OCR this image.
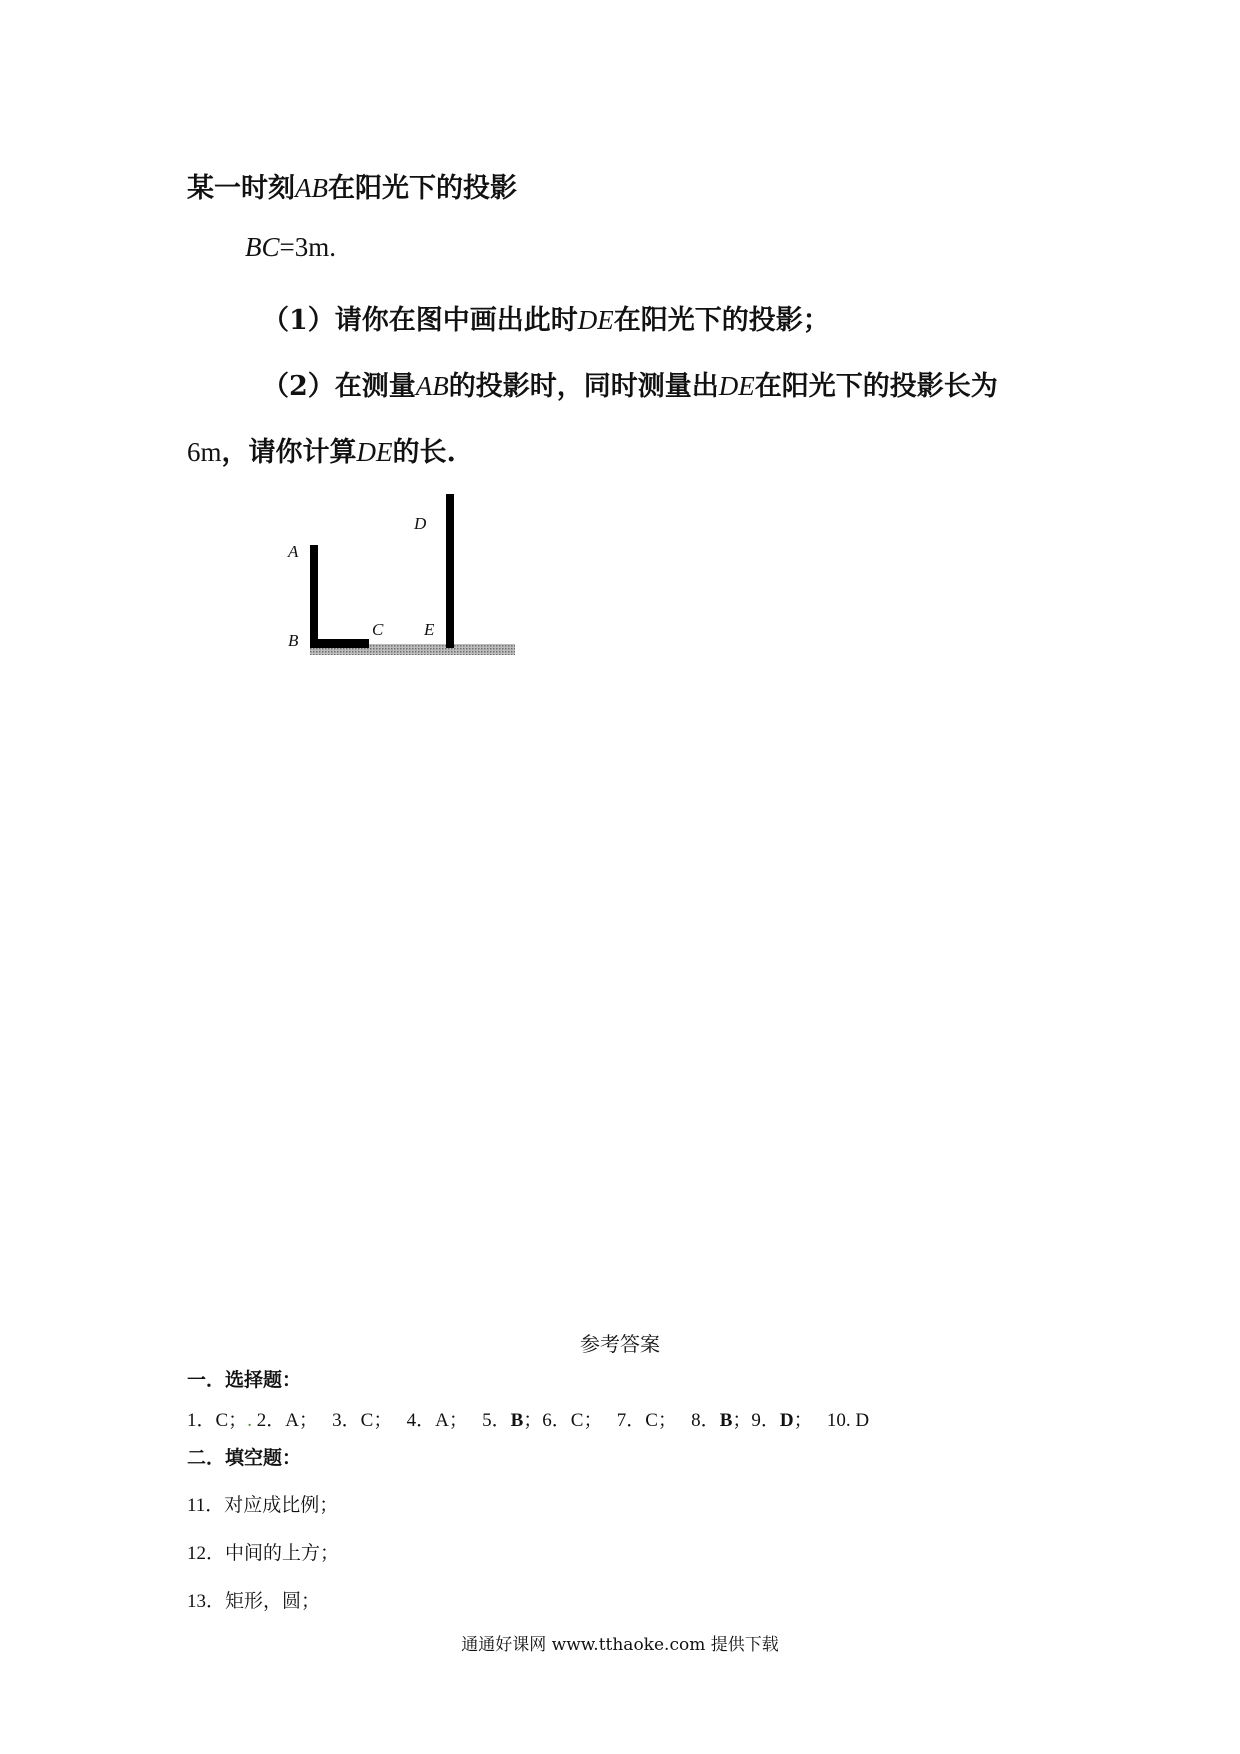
某一时刻AB在阳光下的投影
BC=3m.
（1）请你在图中画出此时DE在阳光下的投影；
（2）在测量AB的投影时，同时测量出DE在阳光下的投影长为
6m，请你计算DE的长.
A
B
C
D
E
参考答案
一．选择题：
1．C；. 2．A； 3．C； 4．A； 5．B；6．C； 7．C； 8．B；9．D； 10. D
二．填空题：
11．对应成比例；
12．中间的上方；
13．矩形，圆；
通通好课网 www.tthaoke.com 提供下载
